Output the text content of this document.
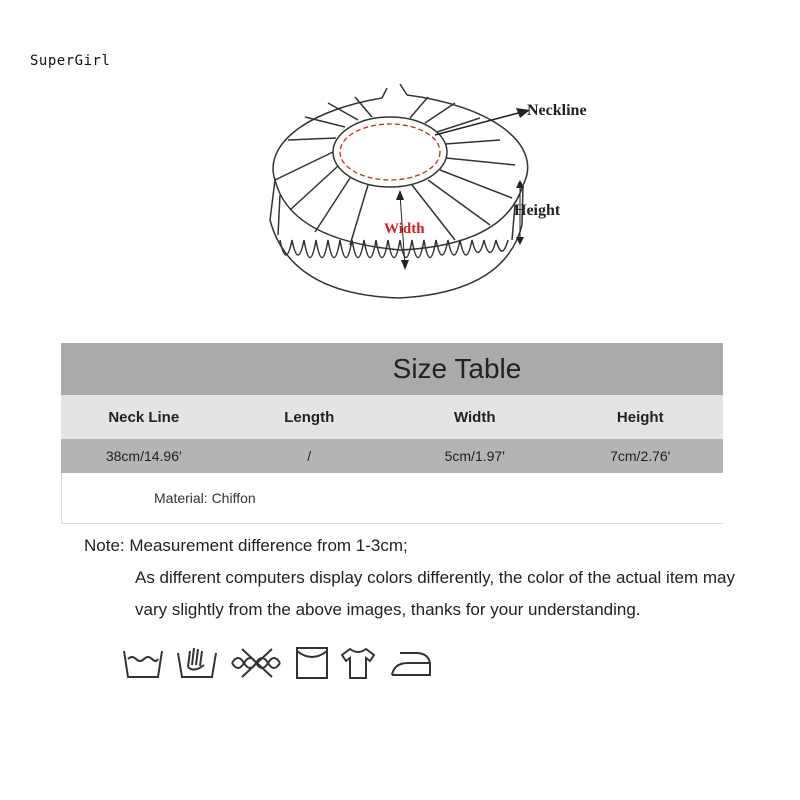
SuperGirl
Neckline
Height
Width
Size Table
Neck Line	Length	Width	Height
38cm/14.96'	/	5cm/1.97'	7cm/2.76'
Material: Chiffon
Note: Measurement difference from 1-3cm;
As different computers display colors differently, the color of the actual item may
vary slightly from the above images, thanks for your understanding.
